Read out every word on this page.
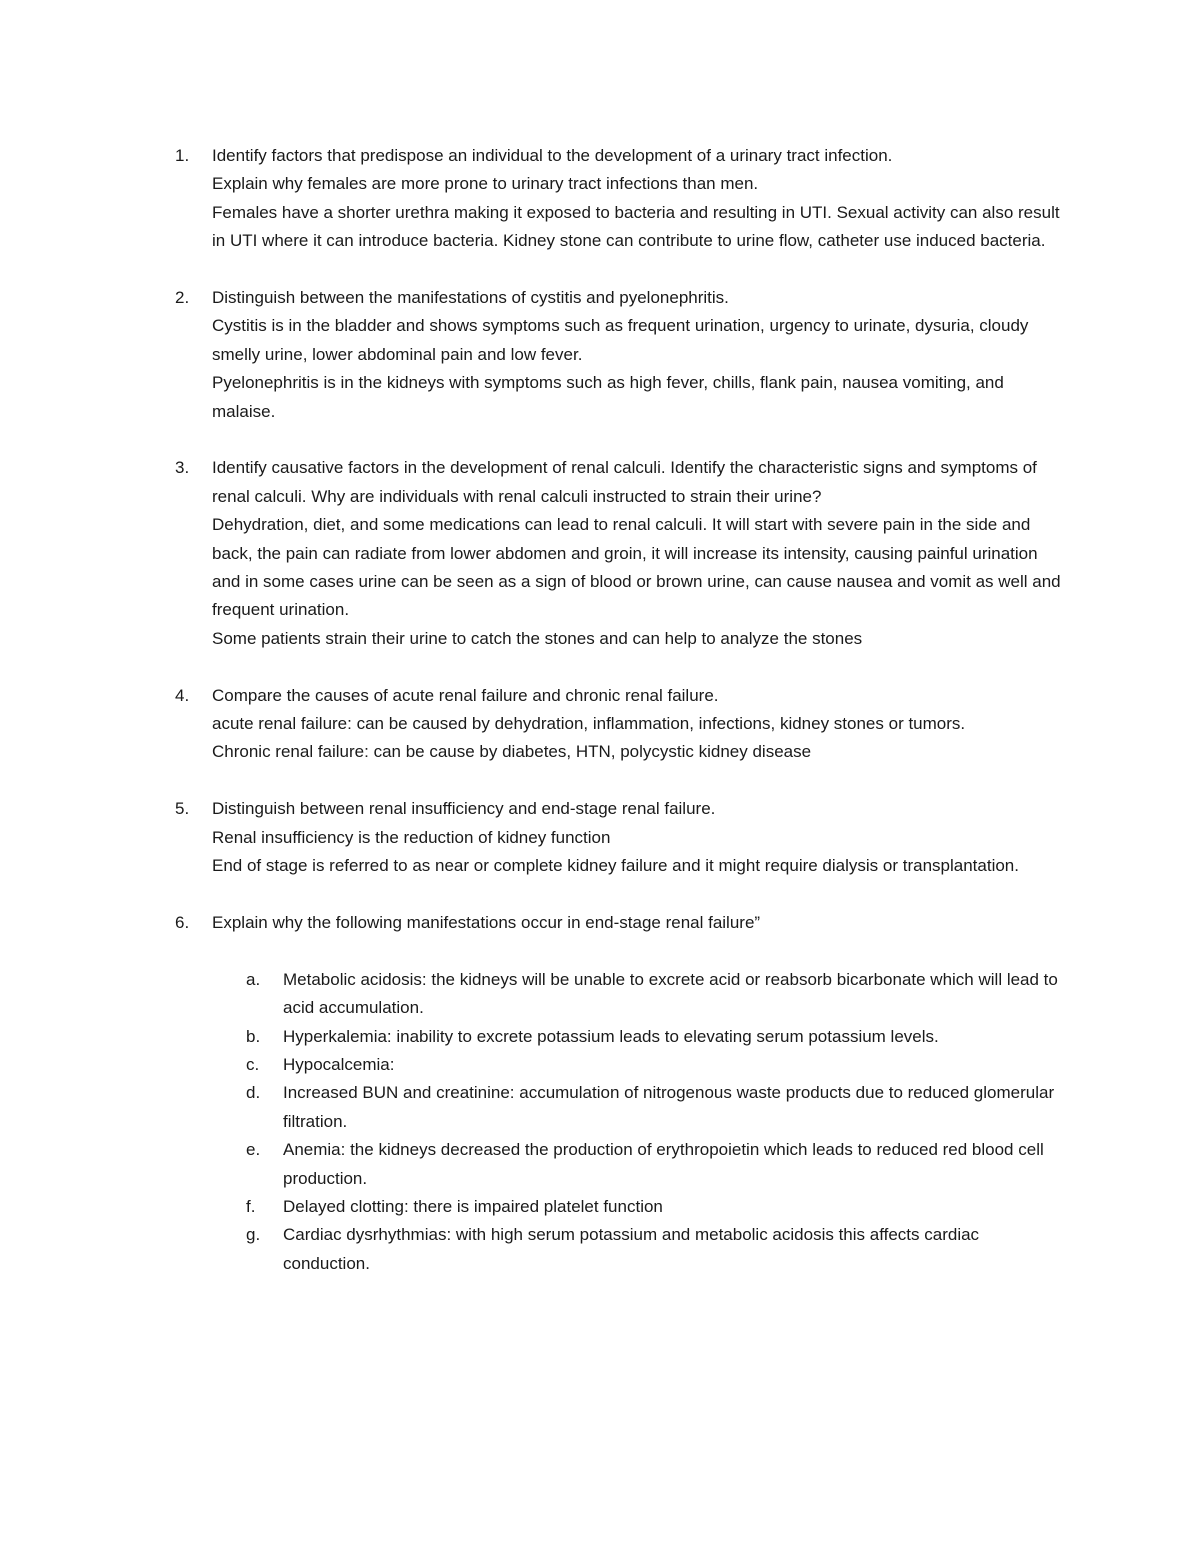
1.	Identify factors that predispose an individual to the development of a urinary tract infection.
Explain why females are more prone to urinary tract infections than men.
Females have a shorter urethra making it exposed to bacteria and resulting in UTI. Sexual activity can also result in UTI where it can introduce bacteria. Kidney stone can contribute to urine flow, catheter use induced bacteria.
2.	Distinguish between the manifestations of cystitis and pyelonephritis.
Cystitis is in the bladder and shows symptoms such as frequent urination, urgency to urinate, dysuria, cloudy smelly urine, lower abdominal pain and low fever.
Pyelonephritis is in the kidneys with symptoms such as high fever, chills, flank pain, nausea vomiting, and malaise.
3.	Identify causative factors in the development of renal calculi. Identify the characteristic signs and symptoms of renal calculi. Why are individuals with renal calculi instructed to strain their urine?
Dehydration, diet, and some medications can lead to renal calculi. It will start with severe pain in the side and back, the pain can radiate from lower abdomen and groin, it will increase its intensity, causing painful urination and in some cases urine can be seen as a sign of blood or brown urine, can cause nausea and vomit as well and frequent urination.
Some patients strain their urine to catch the stones and can help to analyze the stones
4.	Compare the causes of acute renal failure and chronic renal failure.
acute renal failure: can be caused by dehydration, inflammation, infections, kidney stones or tumors.
Chronic renal failure: can be cause by diabetes, HTN, polycystic kidney disease
5.	Distinguish between renal insufficiency and end-stage renal failure.
Renal insufficiency is the reduction of kidney function
End of stage is referred to as near or complete kidney failure and it might require dialysis or transplantation.
6.	Explain why the following manifestations occur in end-stage renal failure”
a.	Metabolic acidosis: the kidneys will be unable to excrete acid or reabsorb bicarbonate which will lead to acid accumulation.
b.	Hyperkalemia: inability to excrete potassium leads to elevating serum potassium levels.
c.	Hypocalcemia:
d.	Increased BUN and creatinine: accumulation of nitrogenous waste products due to reduced glomerular filtration.
e.	Anemia: the kidneys decreased the production of erythropoietin which leads to reduced red blood cell production.
f.	Delayed clotting: there is impaired platelet function
g.	Cardiac dysrhythmias: with high serum potassium and metabolic acidosis this affects cardiac conduction.
